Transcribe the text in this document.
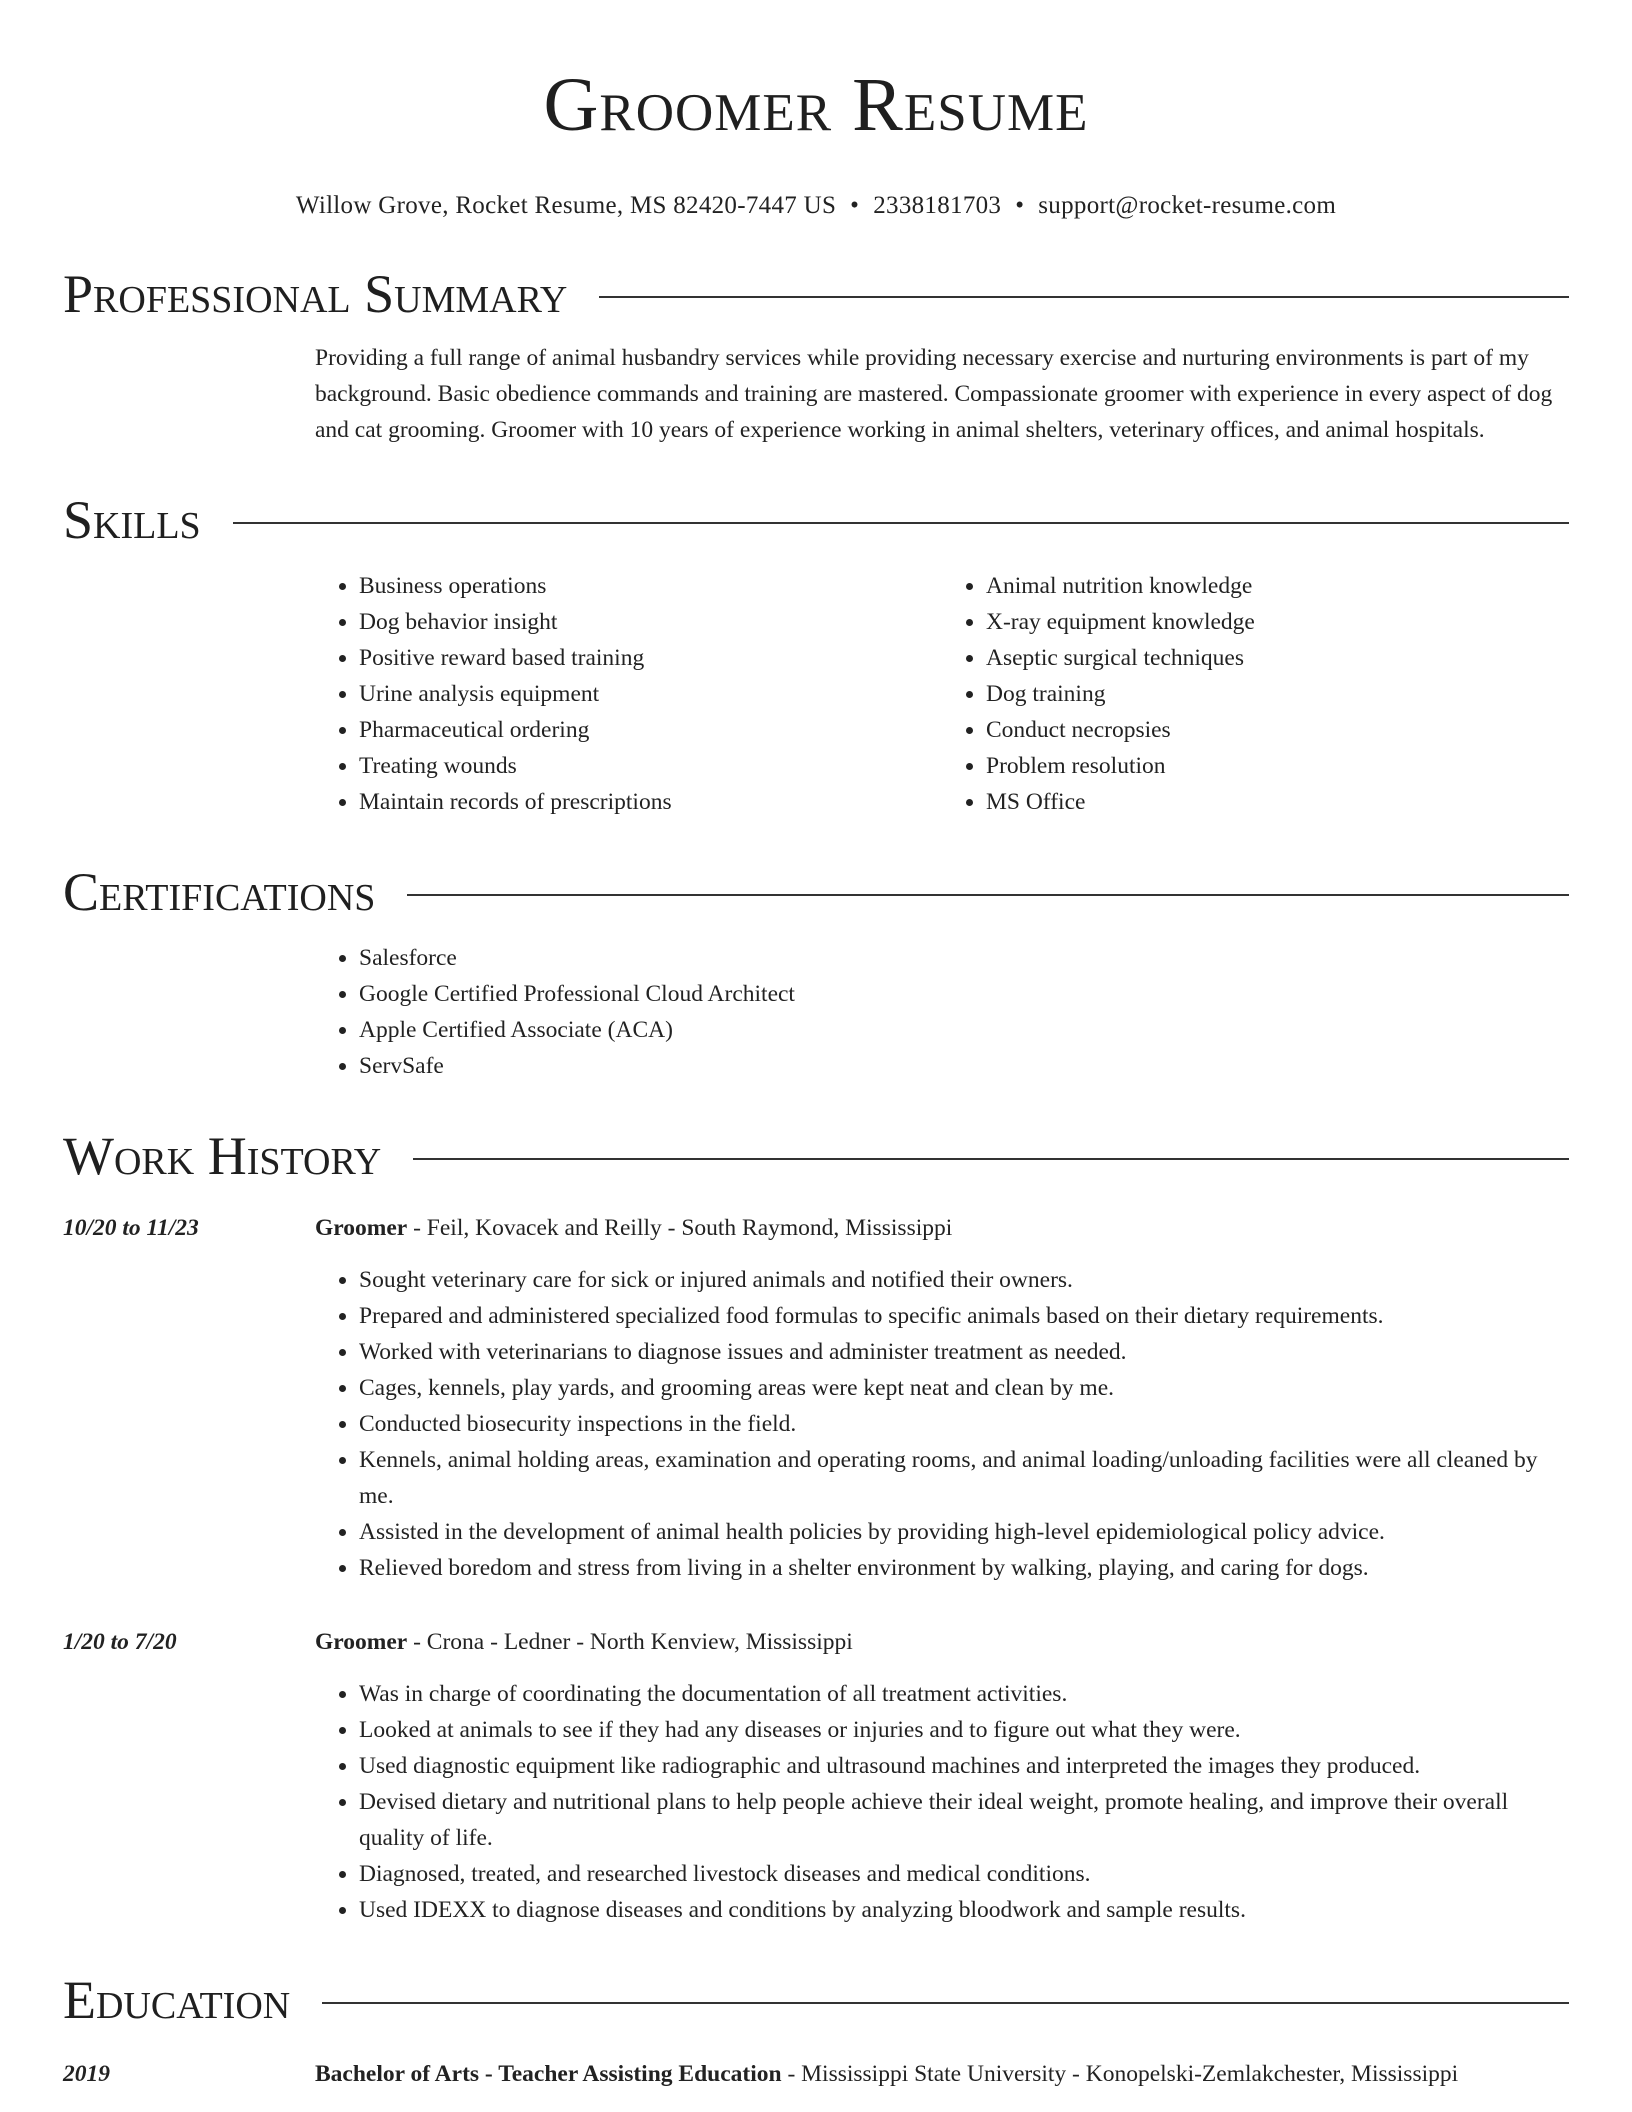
Groomer Resume
Willow Grove, Rocket Resume, MS 82420-7447 US • 2338181703 • support@rocket-resume.com
Professional Summary
Providing a full range of animal husbandry services while providing necessary exercise and nurturing environments is part of my background. Basic obedience commands and training are mastered. Compassionate groomer with experience in every aspect of dog and cat grooming. Groomer with 10 years of experience working in animal shelters, veterinary offices, and animal hospitals.
Skills
• Business operations
• Dog behavior insight
• Positive reward based training
• Urine analysis equipment
• Pharmaceutical ordering
• Treating wounds
• Maintain records of prescriptions
• Animal nutrition knowledge
• X-ray equipment knowledge
• Aseptic surgical techniques
• Dog training
• Conduct necropsies
• Problem resolution
• MS Office
Certifications
• Salesforce
• Google Certified Professional Cloud Architect
• Apple Certified Associate (ACA)
• ServSafe
Work History
10/20 to 11/23	Groomer - Feil, Kovacek and Reilly - South Raymond, Mississippi
• Sought veterinary care for sick or injured animals and notified their owners.
• Prepared and administered specialized food formulas to specific animals based on their dietary requirements.
• Worked with veterinarians to diagnose issues and administer treatment as needed.
• Cages, kennels, play yards, and grooming areas were kept neat and clean by me.
• Conducted biosecurity inspections in the field.
• Kennels, animal holding areas, examination and operating rooms, and animal loading/unloading facilities were all cleaned by me.
• Assisted in the development of animal health policies by providing high-level epidemiological policy advice.
• Relieved boredom and stress from living in a shelter environment by walking, playing, and caring for dogs.
1/20 to 7/20	Groomer - Crona - Ledner - North Kenview, Mississippi
• Was in charge of coordinating the documentation of all treatment activities.
• Looked at animals to see if they had any diseases or injuries and to figure out what they were.
• Used diagnostic equipment like radiographic and ultrasound machines and interpreted the images they produced.
• Devised dietary and nutritional plans to help people achieve their ideal weight, promote healing, and improve their overall quality of life.
• Diagnosed, treated, and researched livestock diseases and medical conditions.
• Used IDEXX to diagnose diseases and conditions by analyzing bloodwork and sample results.
Education
2019	Bachelor of Arts - Teacher Assisting Education - Mississippi State University - Konopelski-Zemlakchester, Mississippi
